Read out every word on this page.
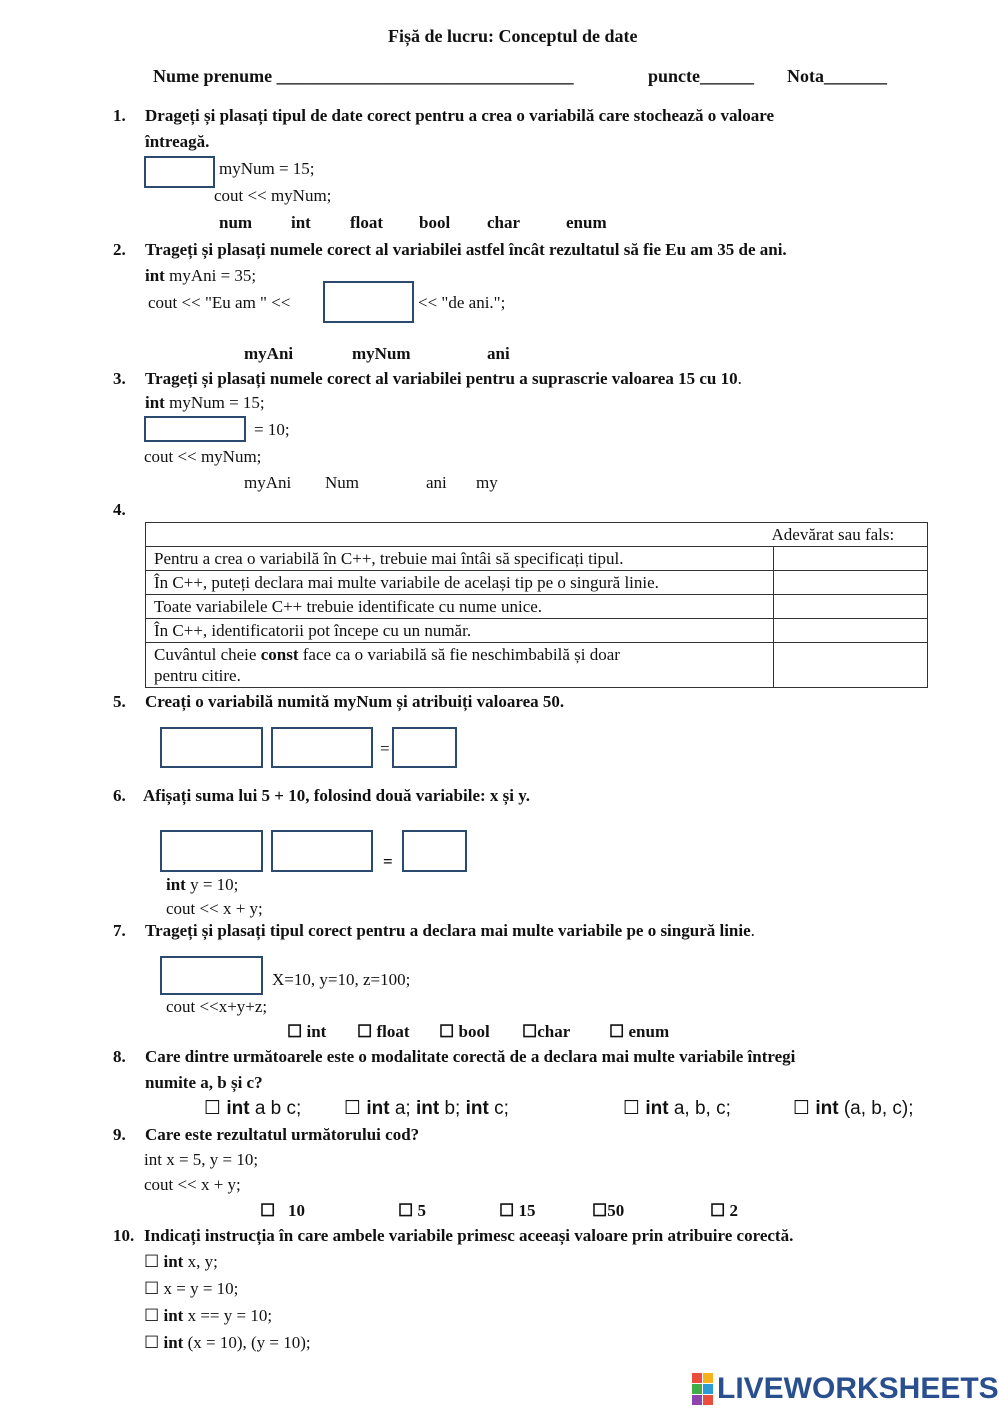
Fișă de lucru: Conceptul de date
Nume prenume _________________________________	puncte______ Nota_______
1. Drageți și plasați tipul de date corect pentru a crea o variabilă care stochează o valoare
întreagă.
myNum = 15;
cout << myNum;
num int float bool char	enum
2. Trageți și plasați numele corect al variabilei astfel încât rezultatul să fie Eu am 35 de ani.
int myAni = 35;
cout << "Eu am " <<	<< "de ani.";
myAni	myNum	ani
3. Trageți și plasați numele corect al variabilei pentru a suprascrie valoarea 15 cu 10.
int myNum = 15;
= 10;
cout << myNum;
myAni Num	ani my
4.
	Adevărat sau fals:
Pentru a crea o variabilă în C++, trebuie mai întâi să specificați tipul.	
În C++, puteți declara mai multe variabile de același tip pe o singură linie.	
Toate variabilele C++ trebuie identificate cu nume unice.	
În C++, identificatorii pot începe cu un număr.	
Cuvântul cheie const face ca o variabilă să fie neschimbabilă și doar
pentru citire.	
5. Creați o variabilă numită myNum și atribuiți valoarea 50.
=
6. Afișați suma lui 5 + 10, folosind două variabile: x și y.
=
int y = 10;
cout << x + y;
7. Trageți și plasați tipul corect pentru a declara mai multe variabile pe o singură linie.
X=10, y=10, z=100;
cout <<x+y+z;
☐ int ☐ float ☐ bool ☐char ☐ enum
8. Care dintre următoarele este o modalitate corectă de a declara mai multe variabile întregi
numite a, b și c?
☐ int a b c; ☐ int a; int b; int c;	☐ int a, b, c;	☐ int (a, b, c);
9. Care este rezultatul următorului cod?
int x = 5, y = 10;
cout << x + y;
☐ 10	☐ 5	☐ 15	☐50	☐ 2
10. Indicați instrucția în care ambele variabile primesc aceeași valoare prin atribuire corectă.
☐ int x, y;
☐ x = y = 10;
☐ int x == y = 10;
☐ int (x = 10), (y = 10);
LIVEWORKSHEETS
